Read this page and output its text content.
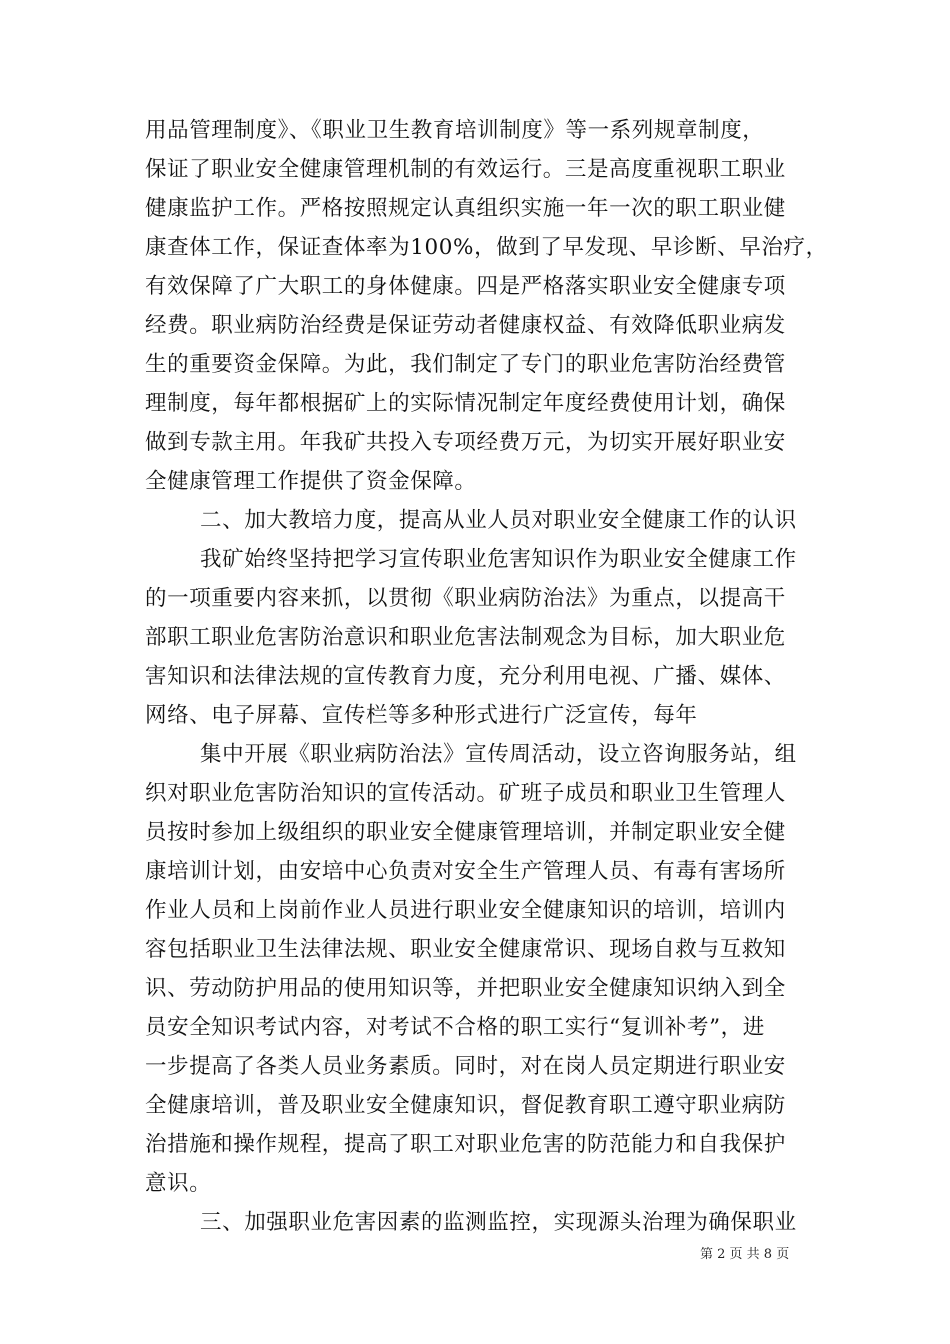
用品管理制度》、《职业卫生教育培训制度》等一系列规章制度，
保证了职业安全健康管理机制的有效运行。三是高度重视职工职业
健康监护工作。严格按照规定认真组织实施一年一次的职工职业健
康查体工作，保证查体率为100%，做到了早发现、早诊断、早治疗，
有效保障了广大职工的身体健康。四是严格落实职业安全健康专项
经费。职业病防治经费是保证劳动者健康权益、有效降低职业病发
生的重要资金保障。为此，我们制定了专门的职业危害防治经费管
理制度，每年都根据矿上的实际情况制定年度经费使用计划，确保
做到专款主用。年我矿共投入专项经费万元，为切实开展好职业安
全健康管理工作提供了资金保障。
二、加大教培力度，提高从业人员对职业安全健康工作的认识
我矿始终坚持把学习宣传职业危害知识作为职业安全健康工作
的一项重要内容来抓，以贯彻《职业病防治法》为重点，以提高干
部职工职业危害防治意识和职业危害法制观念为目标，加大职业危
害知识和法律法规的宣传教育力度，充分利用电视、广播、媒体、
网络、电子屏幕、宣传栏等多种形式进行广泛宣传，每年
集中开展《职业病防治法》宣传周活动，设立咨询服务站，组
织对职业危害防治知识的宣传活动。矿班子成员和职业卫生管理人
员按时参加上级组织的职业安全健康管理培训，并制定职业安全健
康培训计划，由安培中心负责对安全生产管理人员、有毒有害场所
作业人员和上岗前作业人员进行职业安全健康知识的培训，培训内
容包括职业卫生法律法规、职业安全健康常识、现场自救与互救知
识、劳动防护用品的使用知识等，并把职业安全健康知识纳入到全
员安全知识考试内容，对考试不合格的职工实行“复训补考”，进
一步提高了各类人员业务素质。同时，对在岗人员定期进行职业安
全健康培训，普及职业安全健康知识，督促教育职工遵守职业病防
治措施和操作规程，提高了职工对职业危害的防范能力和自我保护
意识。
三、加强职业危害因素的监测监控，实现源头治理为确保职业
第 2 页 共 8 页
